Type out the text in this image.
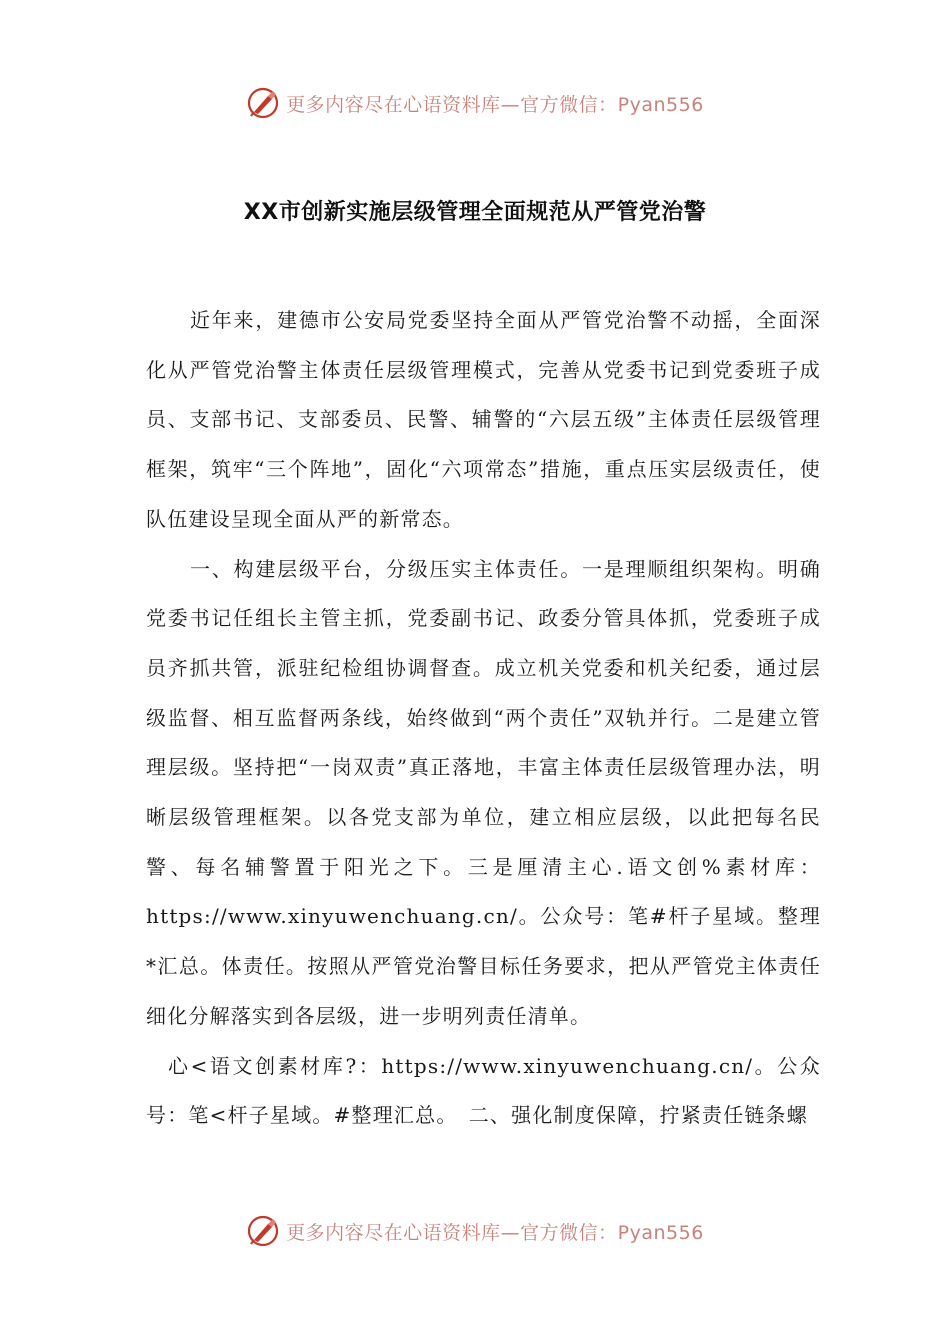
更多内容尽在心语资料库—官方微信：Pyan556
XX市创新实施层级管理全面规范从严管党治警

近年来，建德市公安局党委坚持全面从严管党治警不动摇，全面深化从严管党治警主体责任层级管理模式，完善从党委书记到党委班子成员、支部书记、支部委员、民警、辅警的“六层五级”主体责任层级管理框架，筑牢“三个阵地”，固化“六项常态”措施，重点压实层级责任，使队伍建设呈现全面从严的新常态。

一、构建层级平台，分级压实主体责任。一是理顺组织架构。明确党委书记任组长主管主抓，党委副书记、政委分管具体抓，党委班子成员齐抓共管，派驻纪检组协调督查。成立机关党委和机关纪委，通过层级监督、相互监督两条线，始终做到“两个责任”双轨并行。二是建立管理层级。坚持把“一岗双责”真正落地，丰富主体责任层级管理办法，明晰层级管理框架。以各党支部为单位，建立相应层级，以此把每名民警、每名辅警置于阳光之下。三是厘清主心.语文创%素材库：https://www.xinyuwenchuang.cn/。公众号：笔#杆子星域。整理*汇总。体责任。按照从严管党治警目标任务要求，把从严管党主体责任细化分解落实到各层级，进一步明列责任清单。

心<语文创素材库?：https://www.xinyuwenchuang.cn/。公众号：笔<杆子星域。#整理汇总。　二、强化制度保障，拧紧责任链条螺

更多内容尽在心语资料库—官方微信：Pyan556
